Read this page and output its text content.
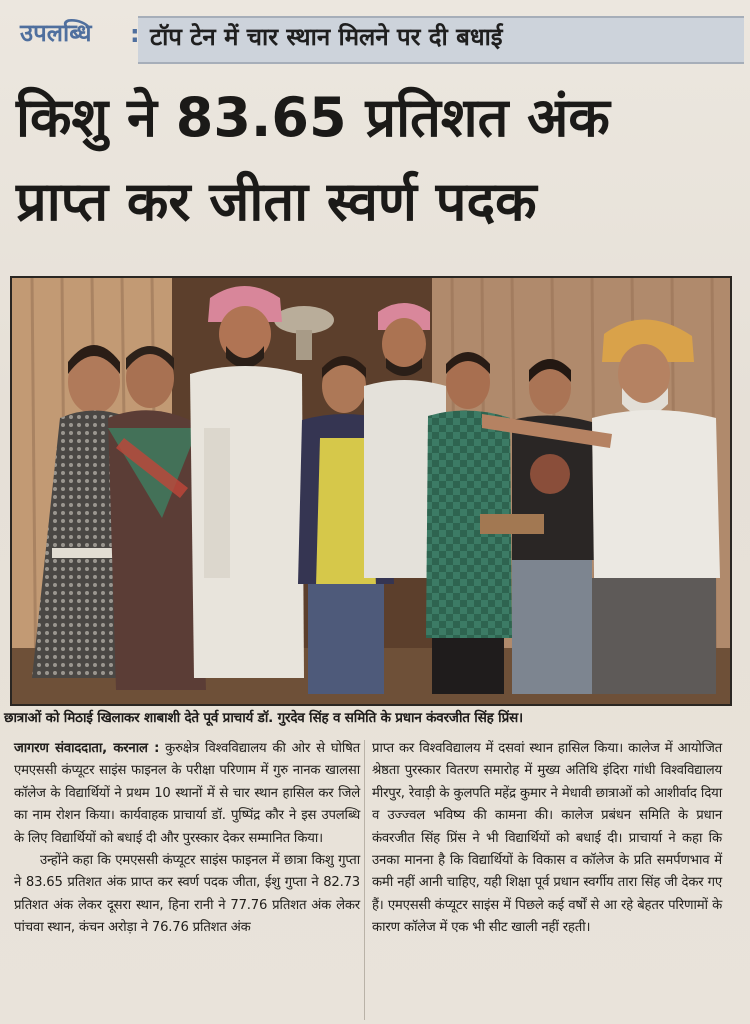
उपलब्धि : टॉप टेन में चार स्थान मिलने पर दी बधाई
किशु ने 83.65 प्रतिशत अंक
प्राप्त कर जीता स्वर्ण पदक
छात्राओं को मिठाई खिलाकर शाबाशी देते पूर्व प्राचार्य डॉ. गुरदेव सिंह व समिति के प्रधान कंवरजीत सिंह प्रिंस।

जागरण संवाददाता, करनाल : कुरुक्षेत्र विश्वविद्यालय की ओर से घोषित एमएससी कंप्यूटर साइंस फाइनल के परीक्षा परिणाम में गुरु नानक खालसा कॉलेज के विद्यार्थियों ने प्रथम 10 स्थानों में से चार स्थान हासिल कर जिले का नाम रोशन किया। कार्यवाहक प्राचार्या डॉ. पुष्पिंद्र कौर ने इस उपलब्धि के लिए विद्यार्थियों को बधाई दी और पुरस्कार देकर सम्मानित किया।

उन्होंने कहा कि एमएससी कंप्यूटर साइंस फाइनल में छात्रा किशु गुप्ता ने 83.65 प्रतिशत अंक प्राप्त कर स्वर्ण पदक जीता, ईशु गुप्ता ने 82.73 प्रतिशत अंक लेकर दूसरा स्थान, हिना रानी ने 77.76 प्रतिशत अंक लेकर पांचवा स्थान, कंचन अरोड़ा ने 76.76 प्रतिशत अंक

प्राप्त कर विश्वविद्यालय में दसवां स्थान हासिल किया। कालेज में आयोजित श्रेष्ठता पुरस्कार वितरण समारोह में मुख्य अतिथि इंदिरा गांधी विश्वविद्यालय मीरपुर, रेवाड़ी के कुलपति महेंद्र कुमार ने मेधावी छात्राओं को आशीर्वाद दिया व उज्ज्वल भविष्य की कामना की। कालेज प्रबंधन समिति के प्रधान कंवरजीत सिंह प्रिंस ने भी विद्यार्थियों को बधाई दी। प्राचार्या ने कहा कि उनका मानना है कि विद्यार्थियों के विकास व कॉलेज के प्रति समर्पणभाव में कमी नहीं आनी चाहिए, यही शिक्षा पूर्व प्रधान स्वर्गीय तारा सिंह जी देकर गए हैं। एमएससी कंप्यूटर साइंस में पिछले कई वर्षों से आ रहे बेहतर परिणामों के कारण कॉलेज में एक भी सीट खाली नहीं रहती।
